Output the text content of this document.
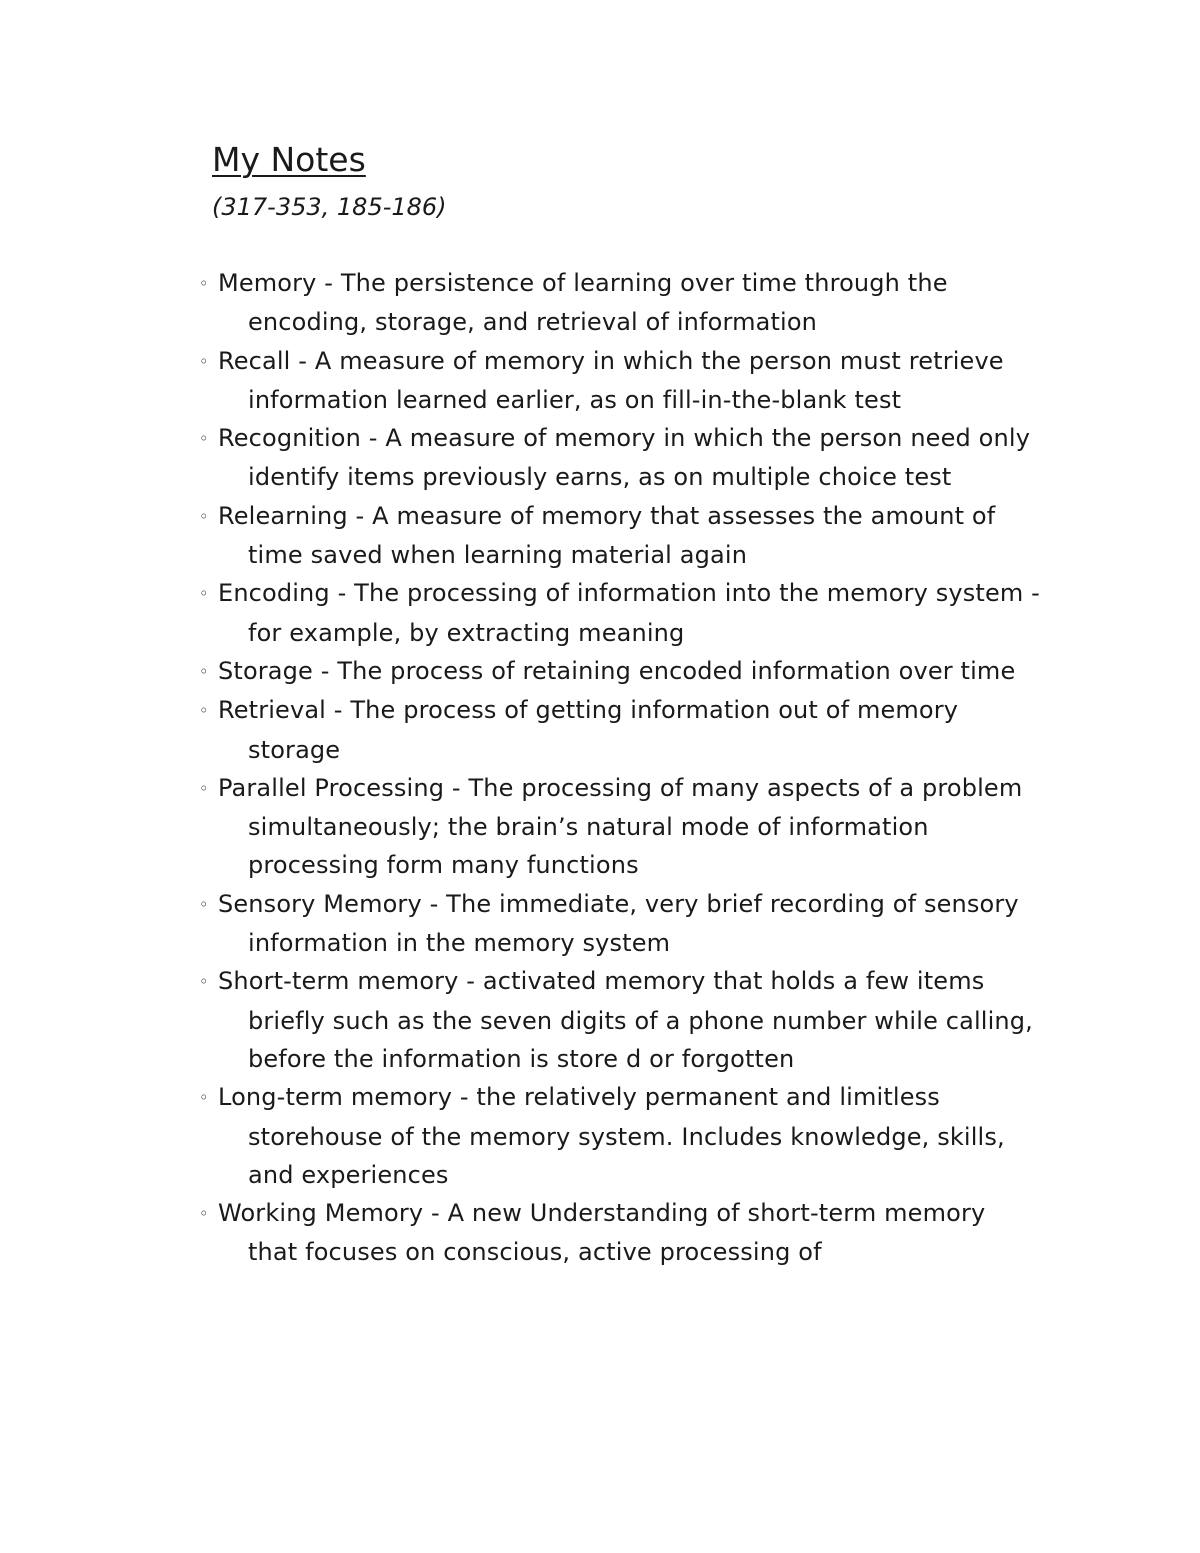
My Notes
(317-353, 185-186)
◦ Memory - The persistence of learning over time through the encoding, storage, and retrieval of information
◦ Recall - A measure of memory in which the person must retrieve information learned earlier, as on fill-in-the-blank test
◦ Recognition - A measure of memory in which the person need only identify items previously earns, as on multiple choice test
◦ Relearning - A measure of memory that assesses the amount of time saved when learning material again
◦ Encoding - The processing of information into the memory system - for example, by extracting meaning
◦ Storage - The process of retaining encoded information over time
◦ Retrieval - The process of getting information out of memory storage
◦ Parallel Processing - The processing of many aspects of a problem simultaneously; the brain’s natural mode of information processing form many functions
◦ Sensory Memory - The immediate, very brief recording of sensory information in the memory system
◦ Short-term memory - activated memory that holds a few items briefly such as the seven digits of a phone number while calling, before the information is store d or forgotten
◦ Long-term memory - the relatively permanent and limitless storehouse of the memory system. Includes knowledge, skills, and experiences
◦ Working Memory - A new Understanding of short-term memory that focuses on conscious, active processing of
